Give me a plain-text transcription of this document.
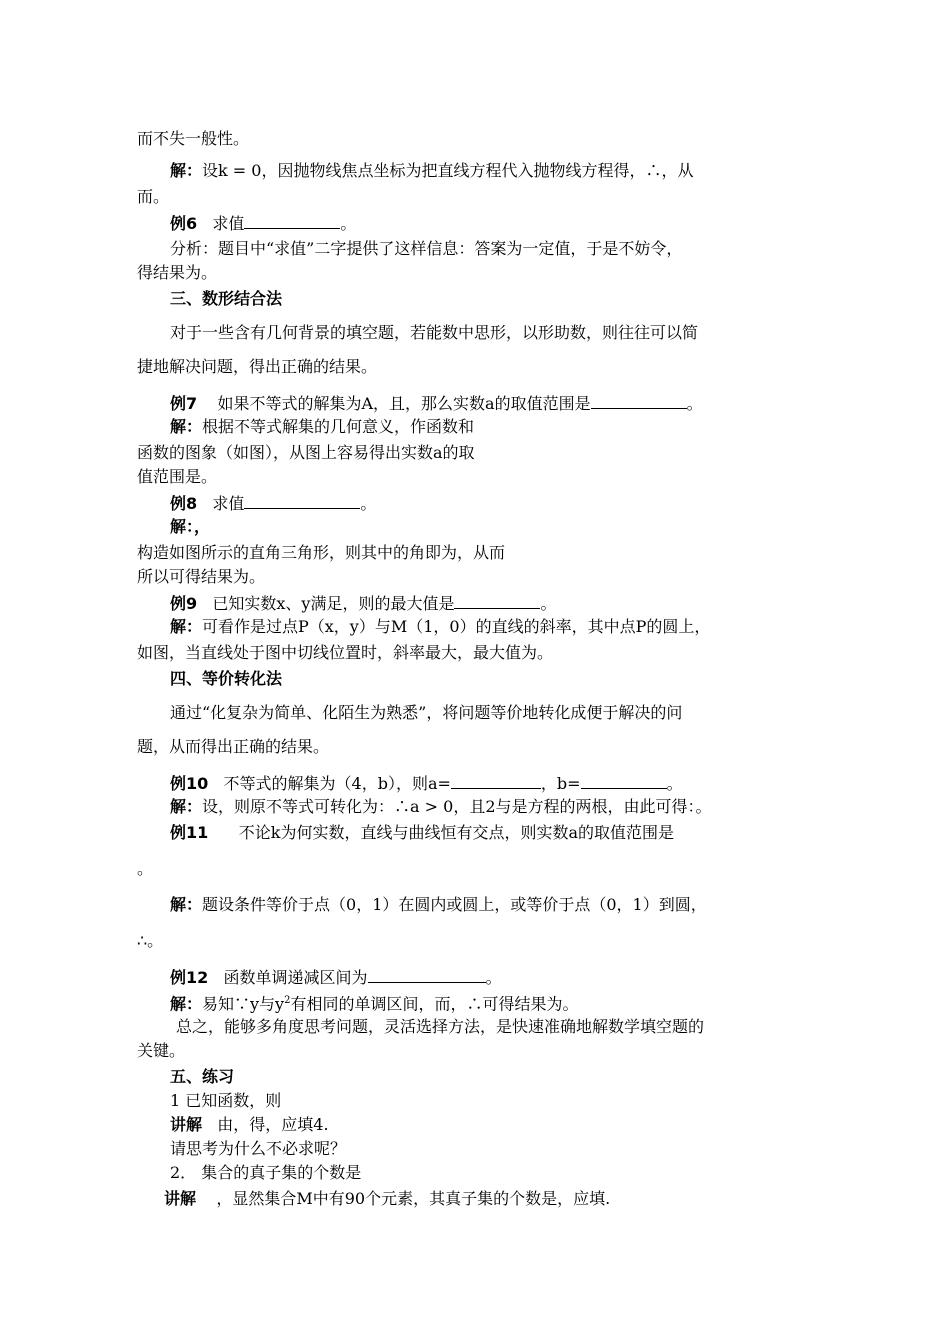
而不失一般性。
解：设k = 0，因抛物线焦点坐标为把直线方程代入抛物线方程得，∴，从
而。
例6 求值	。
分析：题目中“求值”二字提供了这样信息：答案为一定值，于是不妨令，
得结果为。
三、数形结合法
对于一些含有几何背景的填空题，若能数中思形，以形助数，则往往可以简
捷地解决问题，得出正确的结果。
例7 如果不等式的解集为A，且，那么实数a的取值范围是	。
解：根据不等式解集的几何意义，作函数和
函数的图象（如图），从图上容易得出实数a的取
值范围是。
例8 求值	。
解：，
构造如图所示的直角三角形，则其中的角即为，从而
所以可得结果为。
例9 已知实数x、y满足，则的最大值是	。
解：可看作是过点P（x，y）与M（1，0）的直线的斜率，其中点P的圆上，
如图，当直线处于图中切线位置时，斜率最大，最大值为。
四、等价转化法
通过“化复杂为简单、化陌生为熟悉”，将问题等价地转化成便于解决的问
题，从而得出正确的结果。
例10 不等式的解集为（4，b），则a=	，b=	。
解：设，则原不等式可转化为：∴a > 0，且2与是方程的两根，由此可得：。
例11 不论k为何实数，直线与曲线恒有交点，则实数a的取值范围是
。
解：题设条件等价于点（0，1）在圆内或圆上，或等价于点（0，1）到圆，
∴。
例12 函数单调递减区间为	。
解：易知∵y与$y^2$有相同的单调区间，而，∴可得结果为。
总之，能够多角度思考问题，灵活选择方法，是快速准确地解数学填空题的
关键。
五、练习
1 已知函数，则
讲解 由，得，应填4.
请思考为什么不必求呢？
2． 集合的真子集的个数是
讲解 ，显然集合M中有90个元素，其真子集的个数是，应填.
